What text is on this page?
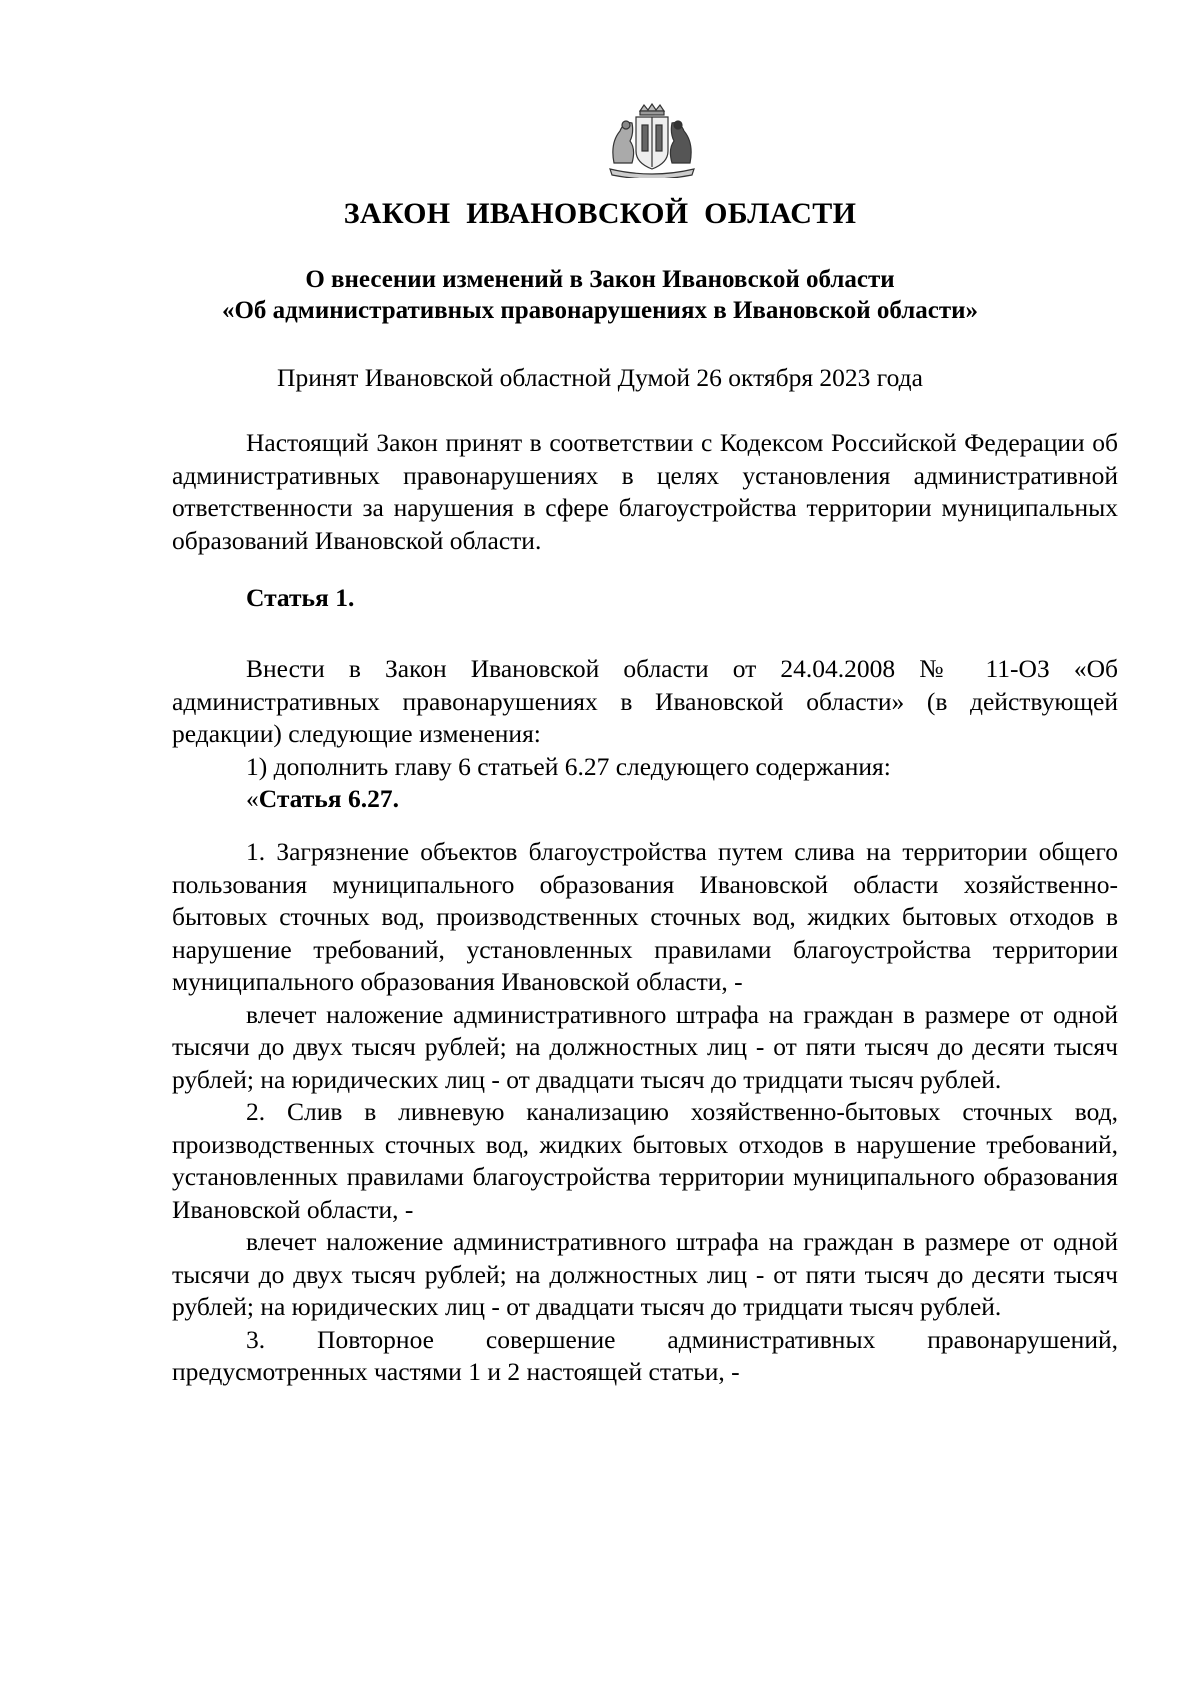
ЗАКОН ИВАНОВСКОЙ ОБЛАСТИ
О внесении изменений в Закон Ивановской области
«Об административных правонарушениях в Ивановской области»

Принят Ивановской областной Думой 26 октября 2023 года

Настоящий Закон принят в соответствии с Кодексом Российской Федерации об административных правонарушениях в целях установления административной ответственности за нарушения в сфере благоустройства территории муниципальных образований Ивановской области.

Статья 1.

Внести в Закон Ивановской области от 24.04.2008 № 11-ОЗ «Об административных правонарушениях в Ивановской области» (в действующей редакции) следующие изменения:

1) дополнить главу 6 статьей 6.27 следующего содержания:

«Статья 6.27.

1. Загрязнение объектов благоустройства путем слива на территории общего пользования муниципального образования Ивановской области хозяйственно-бытовых сточных вод, производственных сточных вод, жидких бытовых отходов в нарушение требований, установленных правилами благоустройства территории муниципального образования Ивановской области, -

влечет наложение административного штрафа на граждан в размере от одной тысячи до двух тысяч рублей; на должностных лиц - от пяти тысяч до десяти тысяч рублей; на юридических лиц - от двадцати тысяч до тридцати тысяч рублей.

2. Слив в ливневую канализацию хозяйственно-бытовых сточных вод, производственных сточных вод, жидких бытовых отходов в нарушение требований, установленных правилами благоустройства территории муниципального образования Ивановской области, -

влечет наложение административного штрафа на граждан в размере от одной тысячи до двух тысяч рублей; на должностных лиц - от пяти тысяч до десяти тысяч рублей; на юридических лиц - от двадцати тысяч до тридцати тысяч рублей.

3. Повторное совершение административных правонарушений, предусмотренных частями 1 и 2 настоящей статьи, -
